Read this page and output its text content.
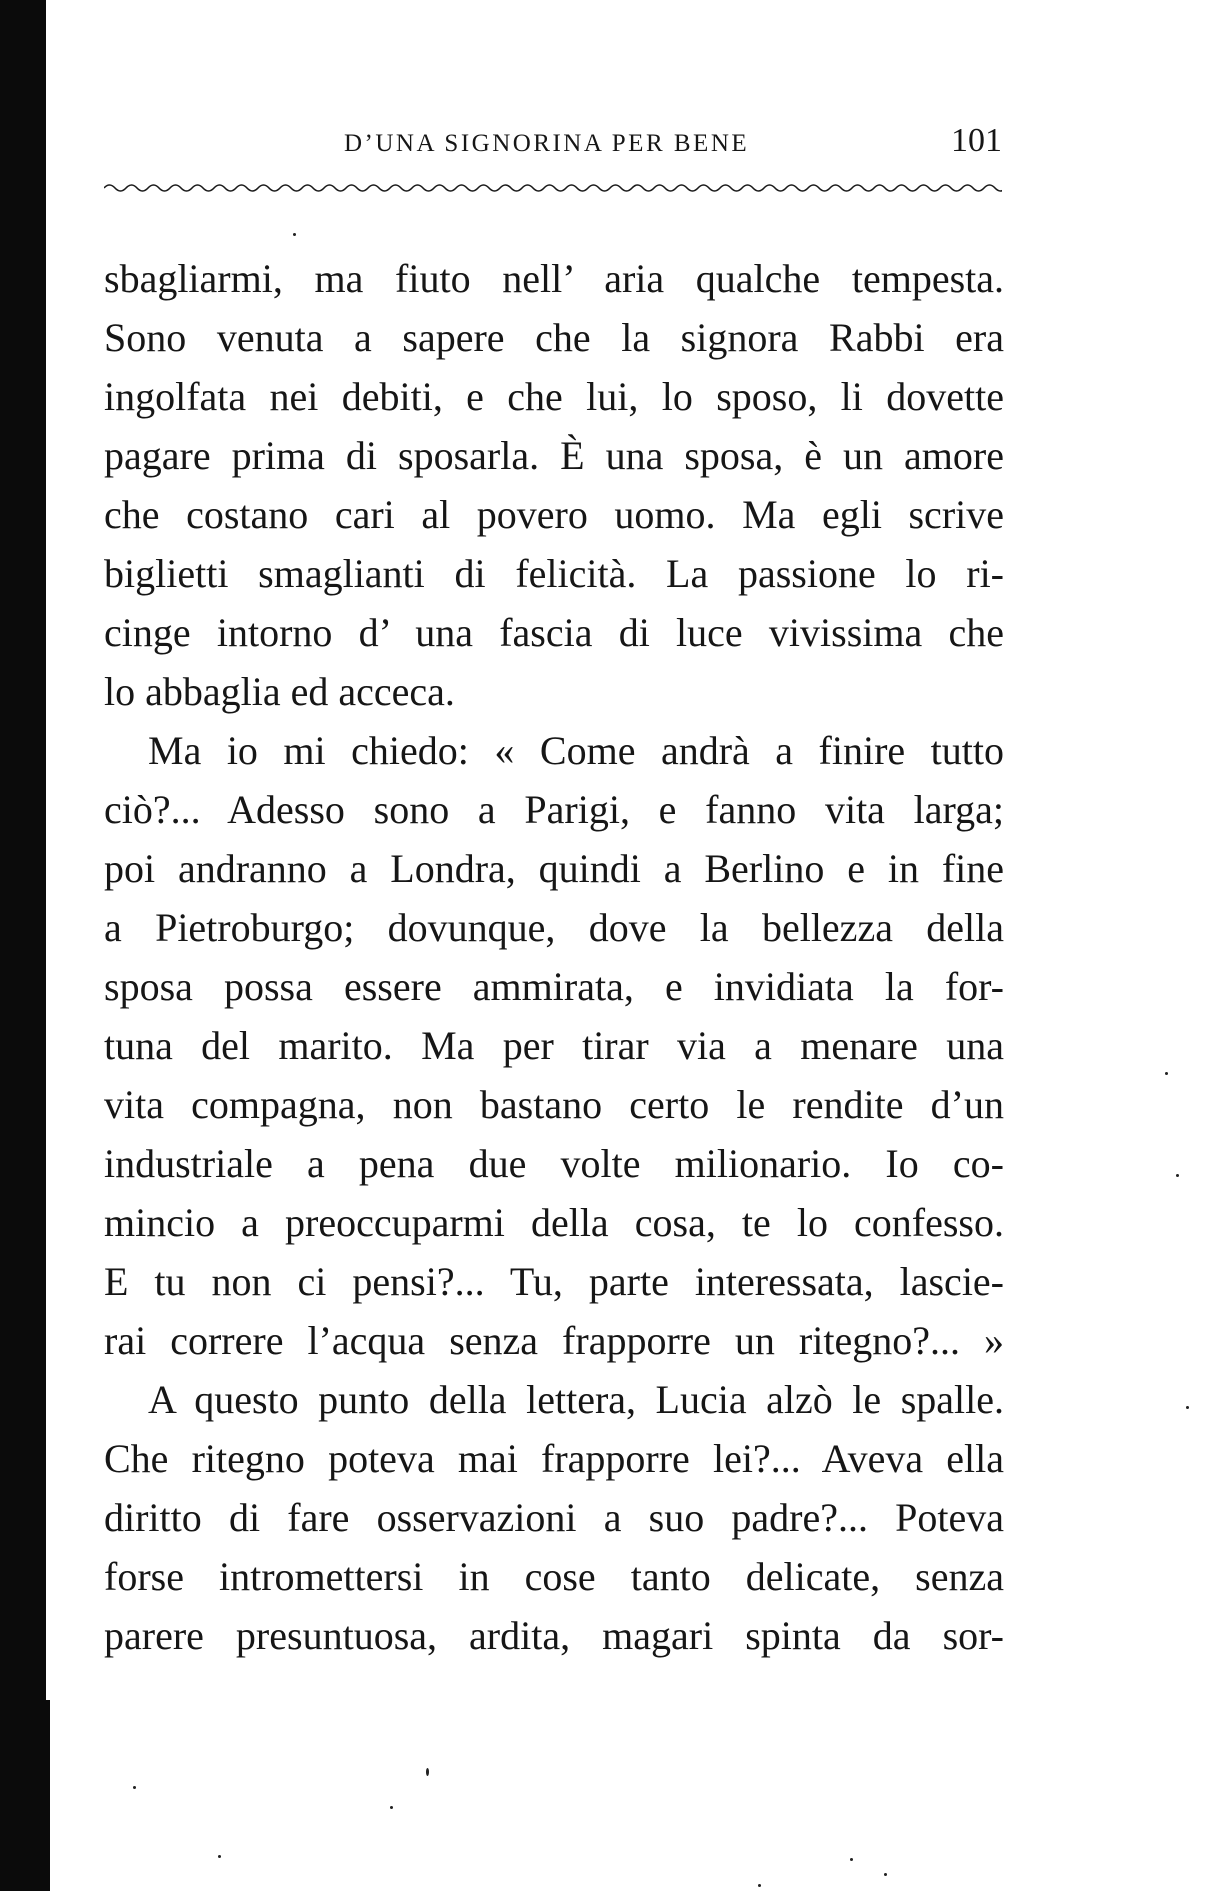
D’UNA SIGNORINA PER BENE	101
sbagliarmi, ma fiuto nell’ aria qualche tempesta.
Sono venuta a sapere che la signora Rabbi era
ingolfata nei debiti, e che lui, lo sposo, li dovette
pagare prima di sposarla. È una sposa, è un amore
che costano cari al povero uomo. Ma egli scrive
biglietti smaglianti di felicità. La passione lo ri-
cinge intorno d’ una fascia di luce vivissima che
lo abbaglia ed acceca.
Ma io mi chiedo: « Come andrà a finire tutto
ciò?... Adesso sono a Parigi, e fanno vita larga;
poi andranno a Londra, quindi a Berlino e in fine
a Pietroburgo; dovunque, dove la bellezza della
sposa possa essere ammirata, e invidiata la for-
tuna del marito. Ma per tirar via a menare una
vita compagna, non bastano certo le rendite d’un
industriale a pena due volte milionario. Io co-
mincio a preoccuparmi della cosa, te lo confesso.
E tu non ci pensi?... Tu, parte interessata, lascie-
rai correre l’acqua senza frapporre un ritegno?... »
A questo punto della lettera, Lucia alzò le spalle.
Che ritegno poteva mai frapporre lei?... Aveva ella
diritto di fare osservazioni a suo padre?... Poteva
forse intromettersi in cose tanto delicate, senza
parere presuntuosa, ardita, magari spinta da sor-
